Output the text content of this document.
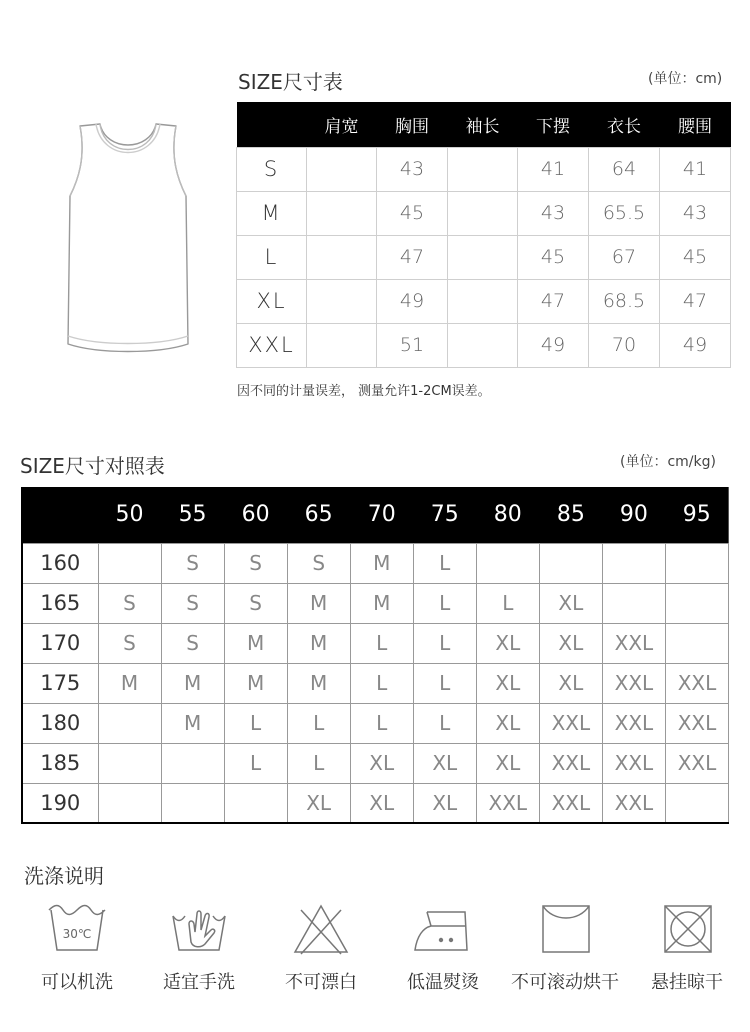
SIZE尺寸表	(单位：cm)
	肩宽	胸围	袖长	下摆	衣长	腰围
S		43		41	64	41
M		45		43	65.5	43
L		47		45	67	45
XL		49		47	68.5	47
XXL		51		49	70	49
因不同的计量误差， 测量允许1-2CM误差。
SIZE尺寸对照表	(单位：cm/kg)
	50	55	60	65	70	75	80	85	90	95
160		S	S	S	M	L				
165	S	S	S	M	M	L	L	XL		
170	S	S	M	M	L	L	XL	XL	XXL	
175	M	M	M	M	L	L	XL	XL	XXL	XXL
180		M	L	L	L	L	XL	XXL	XXL	XXL
185			L	L	XL	XL	XL	XXL	XXL	XXL
190				XL	XL	XL	XXL	XXL	XXL	
洗涤说明
30℃
可以机洗	适宜手洗	不可漂白	低温熨烫	不可滚动烘干	悬挂晾干
